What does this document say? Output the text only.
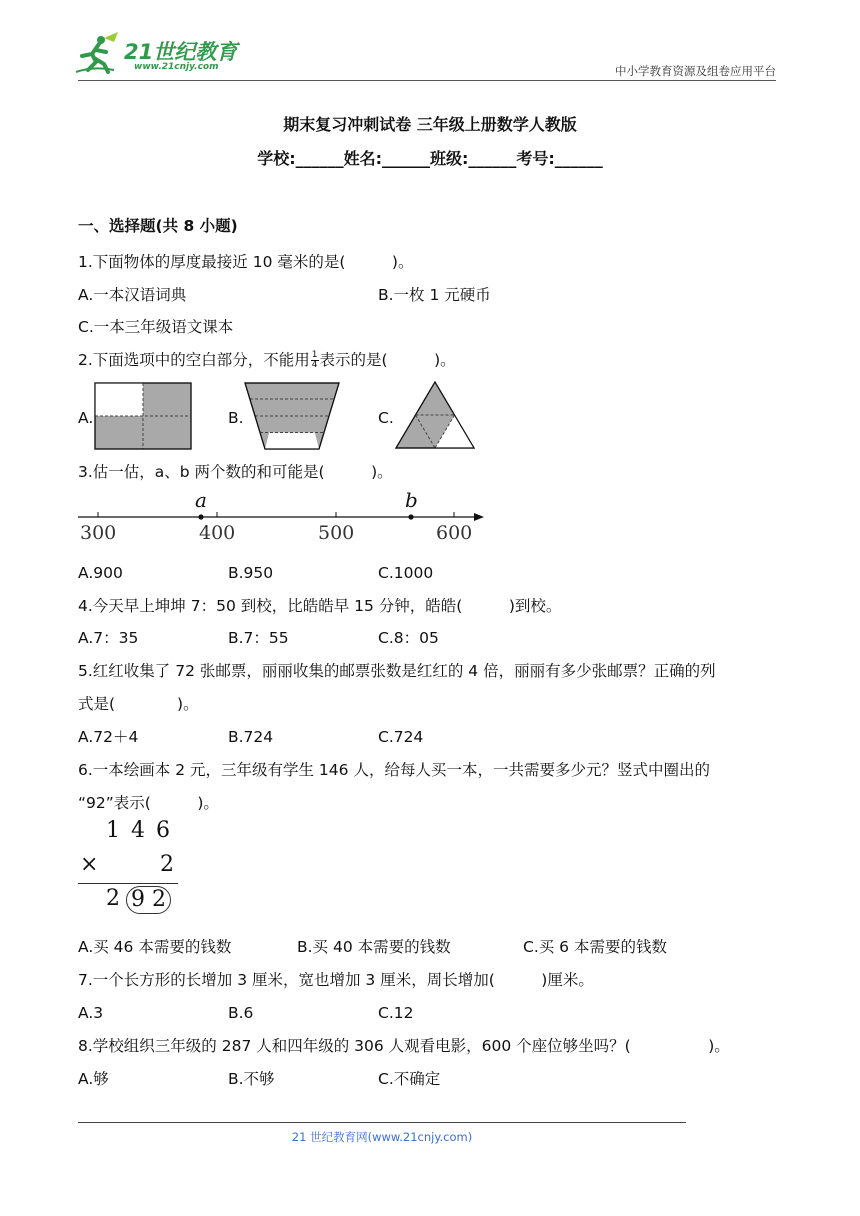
21世纪教育
www.21cnjy.com	中小学教育资源及组卷应用平台
期末复习冲刺试卷 三年级上册数学人教版
学校:______姓名:______班级:______考号:______
一、选择题(共 8 小题)
1.下面物体的厚度最接近 10 毫米的是(　　　)。
A.一本汉语词典	B.一枚 1 元硬币
C.一本三年级语文课本
2.下面选项中的空白部分，不能用 $\frac{1}{4}$ 表示的是(　　　)。
A.	B.	C.
3.估一估，a、b 两个数的和可能是(　　　)。
a	b
300	400	500	600
A.900	B.950	C.1000
4.今天早上坤坤 7：50 到校，比皓皓早 15 分钟，皓皓(　　　)到校。
A.7：35	B.7：55	C.8：05
5.红红收集了 72 张邮票，丽丽收集的邮票张数是红红的 4 倍，丽丽有多少张邮票？正确的列
式是(　　　　)。
A.72＋4	B.724	C.724
6.一本绘画本 2 元，三年级有学生 146 人，给每人买一本，一共需要多少元？竖式中圈出的
“92”表示(　　　)。
1 4 6
×	2
2 9 2
A.买 46 本需要的钱数	B.买 40 本需要的钱数	C.买 6 本需要的钱数
7.一个长方形的长增加 3 厘米，宽也增加 3 厘米，周长增加(　　　)厘米。
A.3	B.6	C.12
8.学校组织三年级的 287 人和四年级的 306 人观看电影，600 个座位够坐吗？(　　　　　)。
A.够	B.不够	C.不确定
21 世纪教育网(www.21cnjy.com)
